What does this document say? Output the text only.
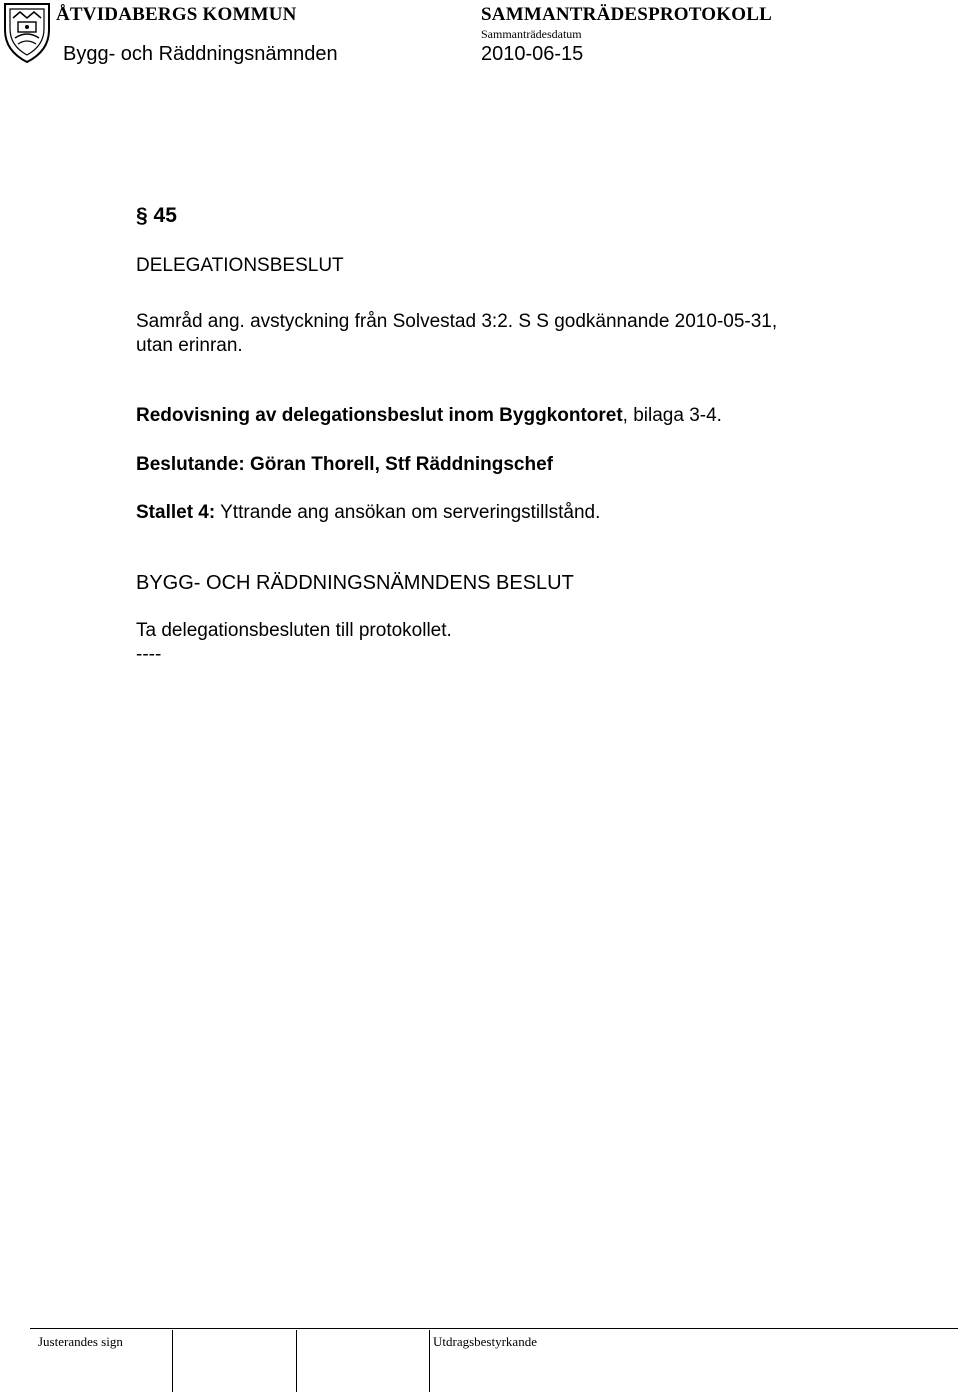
ÅTVIDABERGS KOMMUN	SAMMANTRÄDESPROTOKOLL
Sammanträdesdatum
Bygg- och Räddningsnämnden	2010-06-15
§ 45
DELEGATIONSBESLUT
Samråd ang. avstyckning från Solvestad 3:2. S S godkännande 2010-05-31,
utan erinran.
Redovisning av delegationsbeslut inom Byggkontoret, bilaga 3-4.
Beslutande: Göran Thorell, Stf Räddningschef
Stallet 4: Yttrande ang ansökan om serveringstillstånd.
BYGG- OCH RÄDDNINGSNÄMNDENS BESLUT
Ta delegationsbesluten till protokollet.
----
Justerandes sign	Utdragsbestyrkande
